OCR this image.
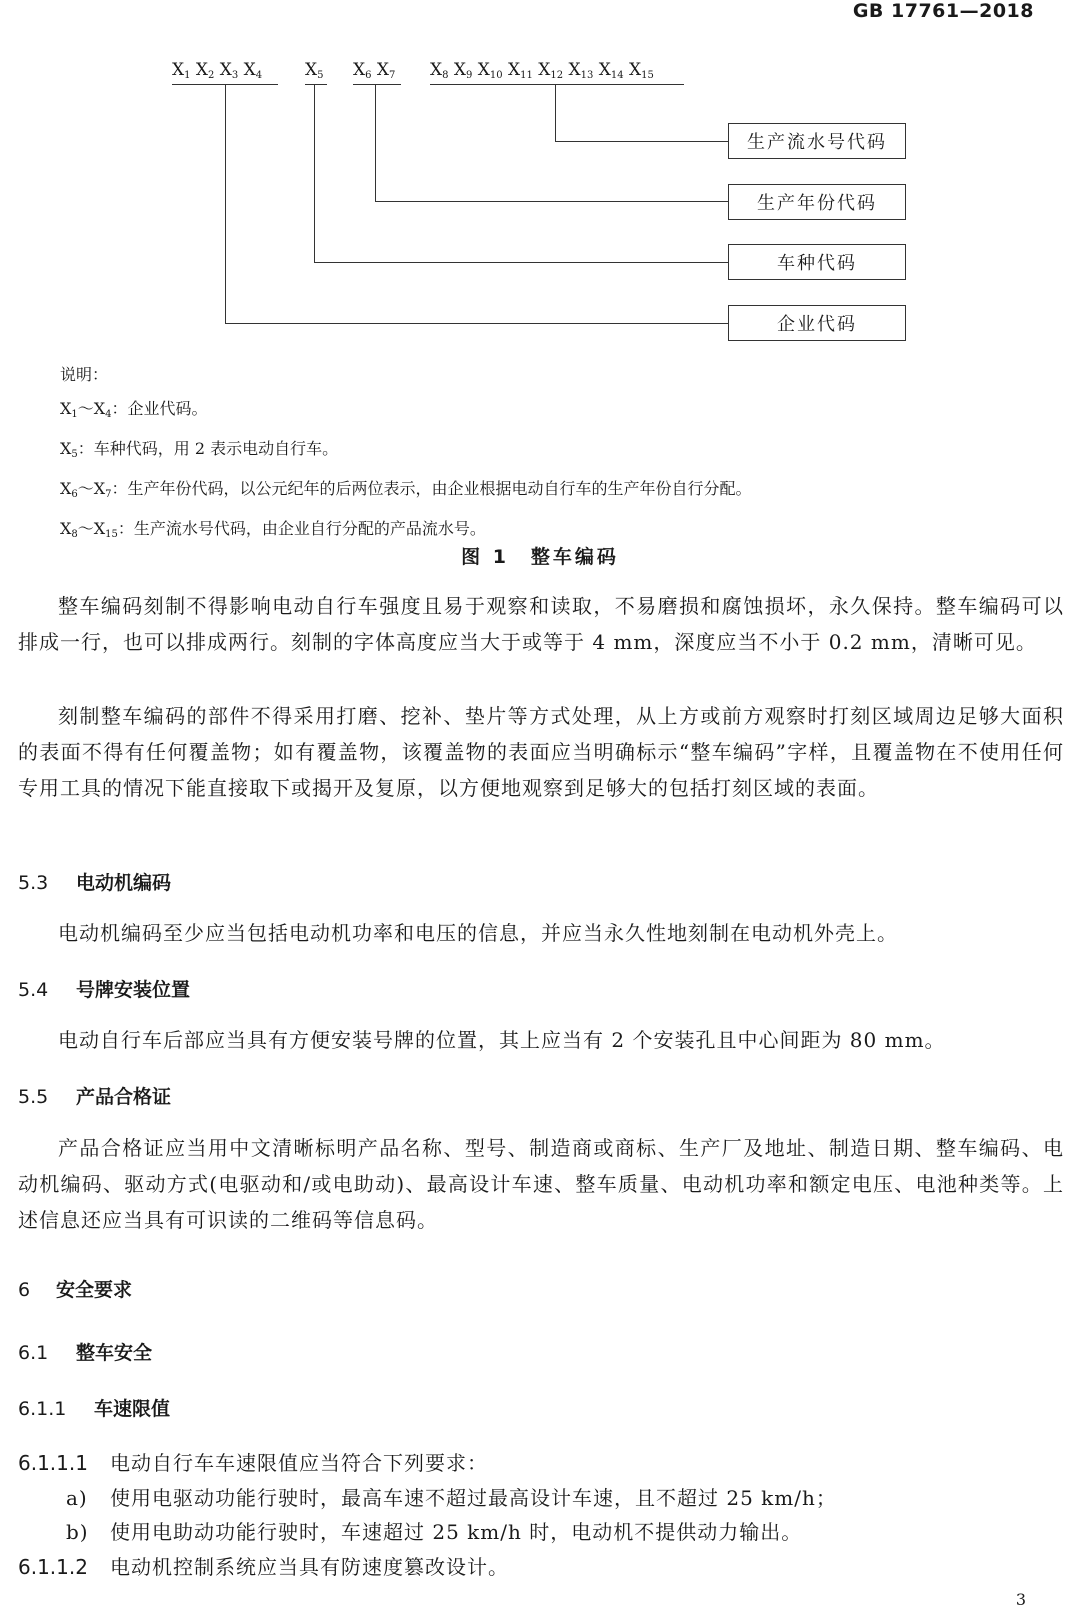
GB 17761—2018
$X_1$ $X_2$ $X_3$ $X_4$	$X_5$ $X_6$ $X_7$ $X_8$ $X_9$ $X_{10}$ $X_{11}$ $X_{12}$ $X_{13}$ $X_{14}$ $X_{15}$
生产流水号代码
生产年份代码
车种代码
企业代码
说明：
$X_1\sim X_4$：企业代码。
$X_5$：车种代码，用 2 表示电动自行车。
$X_6\sim X_7$：生产年份代码，以公元纪年的后两位表示，由企业根据电动自行车的生产年份自行分配。
$X_8\sim X_{15}$：生产流水号代码，由企业自行分配的产品流水号。
图 1　整车编码
整车编码刻制不得影响电动自行车强度且易于观察和读取，不易磨损和腐蚀损坏，永久保持。整车编码可以排成一行，也可以排成两行。刻制的字体高度应当大于或等于 4 mm，深度应当不小于 0.2 mm，清晰可见。
刻制整车编码的部件不得采用打磨、挖补、垫片等方式处理，从上方或前方观察时打刻区域周边足够大面积的表面不得有任何覆盖物；如有覆盖物，该覆盖物的表面应当明确标示“整车编码”字样，且覆盖物在不使用任何专用工具的情况下能直接取下或揭开及复原，以方便地观察到足够大的包括打刻区域的表面。
5.3 电动机编码
电动机编码至少应当包括电动机功率和电压的信息，并应当永久性地刻制在电动机外壳上。
5.4 号牌安装位置
电动自行车后部应当具有方便安装号牌的位置，其上应当有 2 个安装孔且中心间距为 80 mm。
5.5 产品合格证
产品合格证应当用中文清晰标明产品名称、型号、制造商或商标、生产厂及地址、制造日期、整车编码、电动机编码、驱动方式(电驱动和/或电助动)、最高设计车速、整车质量、电动机功率和额定电压、电池种类等。上述信息还应当具有可识读的二维码等信息码。
6 安全要求
6.1 整车安全
6.1.1 车速限值
6.1.1.1 电动自行车车速限值应当符合下列要求：
a) 使用电驱动功能行驶时，最高车速不超过最高设计车速，且不超过 25 km/h；
b) 使用电助动功能行驶时，车速超过 25 km/h 时，电动机不提供动力输出。
6.1.1.2 电动机控制系统应当具有防速度篡改设计。
3
